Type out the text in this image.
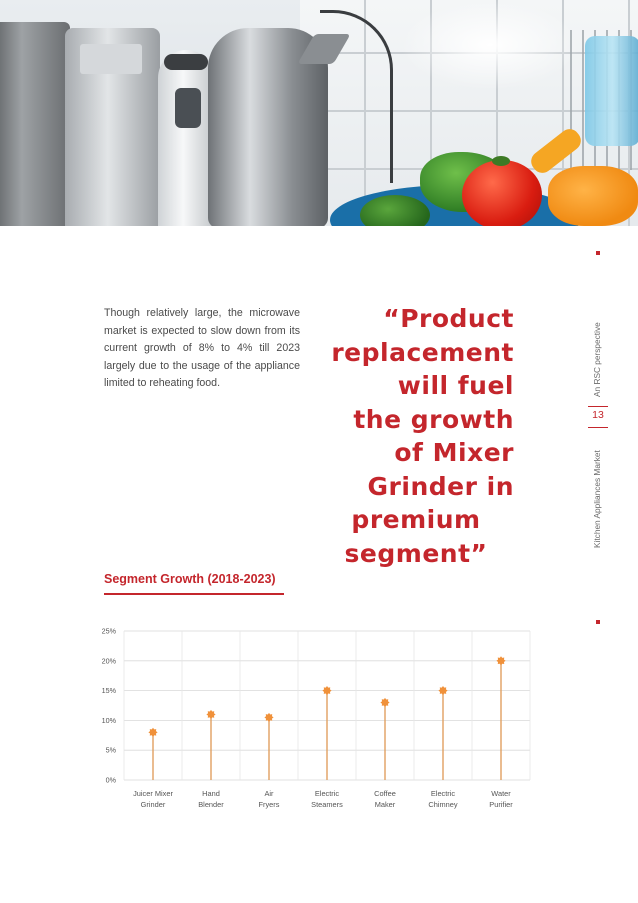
Though relatively large, the microwave market is expected to slow down from its current growth of 8% to 4% till 2023 largely due to the usage of the appliance limited to reheating food.

“Product
replacement
will fuel
the growth
of Mixer
Grinder in
premium
segment”

An RSC perspective
13
Kitchen Appliances Market
Segment Growth (2018-2023)
0%
5%
10%
15%
20%
25%
Juicer Mixer
Grinder
Hand
Blender
Air
Fryers
Electric
Steamers
Coffee
Maker
Electric
Chimney
Water
Purifier
